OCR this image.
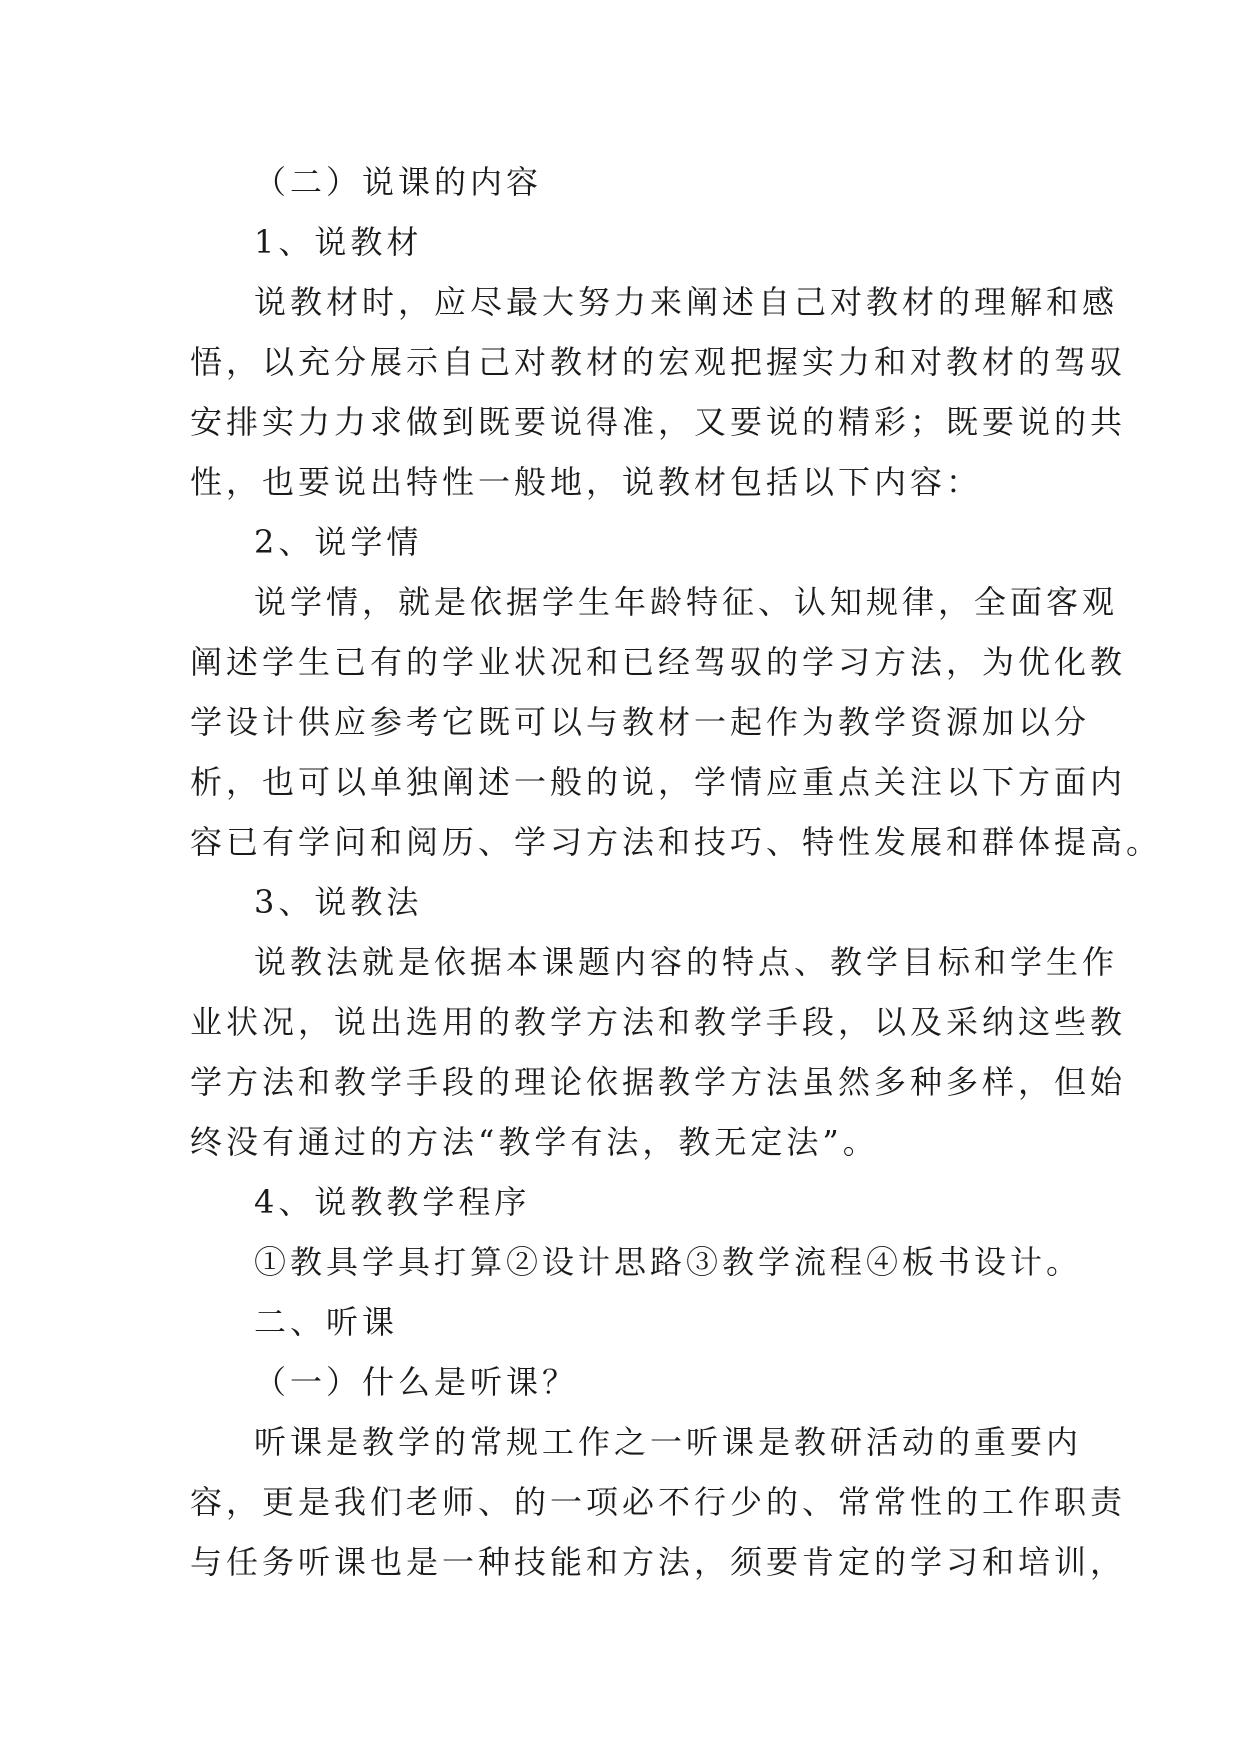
（二）说课的内容
1、说教材
说教材时，应尽最大努力来阐述自己对教材的理解和感
悟，以充分展示自己对教材的宏观把握实力和对教材的驾驭
安排实力力求做到既要说得准，又要说的精彩；既要说的共
性，也要说出特性一般地，说教材包括以下内容：
2、说学情
说学情，就是依据学生年龄特征、认知规律，全面客观
阐述学生已有的学业状况和已经驾驭的学习方法，为优化教
学设计供应参考它既可以与教材一起作为教学资源加以分
析，也可以单独阐述一般的说，学情应重点关注以下方面内
容已有学问和阅历、学习方法和技巧、特性发展和群体提高。
3、说教法
说教法就是依据本课题内容的特点、教学目标和学生作
业状况，说出选用的教学方法和教学手段，以及采纳这些教
学方法和教学手段的理论依据教学方法虽然多种多样，但始
终没有通过的方法“教学有法，教无定法”。
4、说教教学程序
①教具学具打算②设计思路③教学流程④板书设计。
二、听课
（一）什么是听课？
听课是教学的常规工作之一听课是教研活动的重要内
容，更是我们老师、的一项必不行少的、常常性的工作职责
与任务听课也是一种技能和方法，须要肯定的学习和培训，
